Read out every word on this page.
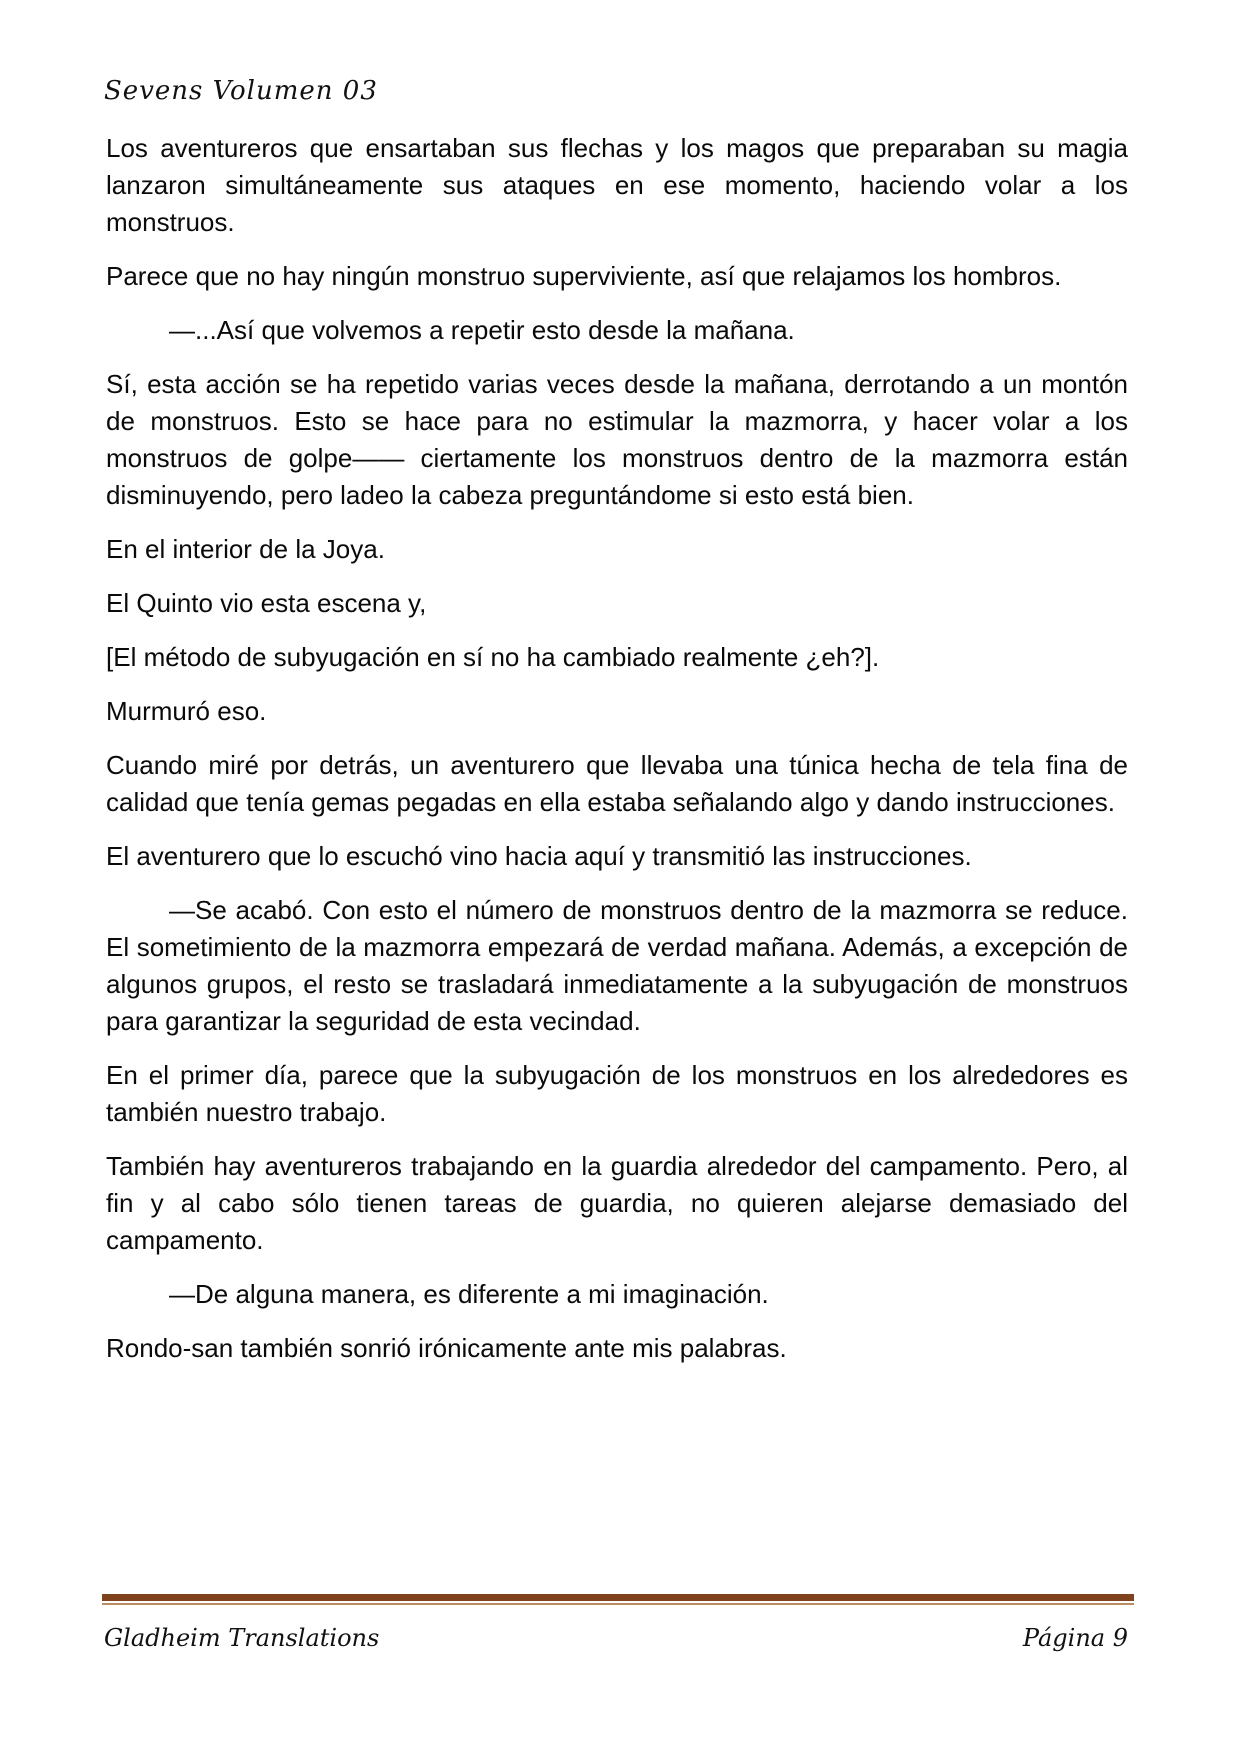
Sevens Volumen 03

Los aventureros que ensartaban sus flechas y los magos que preparaban su magia lanzaron simultáneamente sus ataques en ese momento, haciendo volar a los monstruos.

Parece que no hay ningún monstruo superviviente, así que relajamos los hombros.

—...Así que volvemos a repetir esto desde la mañana.

Sí, esta acción se ha repetido varias veces desde la mañana, derrotando a un montón de monstruos. Esto se hace para no estimular la mazmorra, y hacer volar a los monstruos de golpe—— ciertamente los monstruos dentro de la mazmorra están disminuyendo, pero ladeo la cabeza preguntándome si esto está bien.

En el interior de la Joya.

El Quinto vio esta escena y,

[El método de subyugación en sí no ha cambiado realmente ¿eh?].

Murmuró eso.

Cuando miré por detrás, un aventurero que llevaba una túnica hecha de tela fina de calidad que tenía gemas pegadas en ella estaba señalando algo y dando instrucciones.

El aventurero que lo escuchó vino hacia aquí y transmitió las instrucciones.

—Se acabó. Con esto el número de monstruos dentro de la mazmorra se reduce. El sometimiento de la mazmorra empezará de verdad mañana. Además, a excepción de algunos grupos, el resto se trasladará inmediatamente a la subyugación de monstruos para garantizar la seguridad de esta vecindad.

En el primer día, parece que la subyugación de los monstruos en los alrededores es también nuestro trabajo.

También hay aventureros trabajando en la guardia alrededor del campamento. Pero, al fin y al cabo sólo tienen tareas de guardia, no quieren alejarse demasiado del campamento.

—De alguna manera, es diferente a mi imaginación.

Rondo-san también sonrió irónicamente ante mis palabras.

Gladheim Translations	Página 9
